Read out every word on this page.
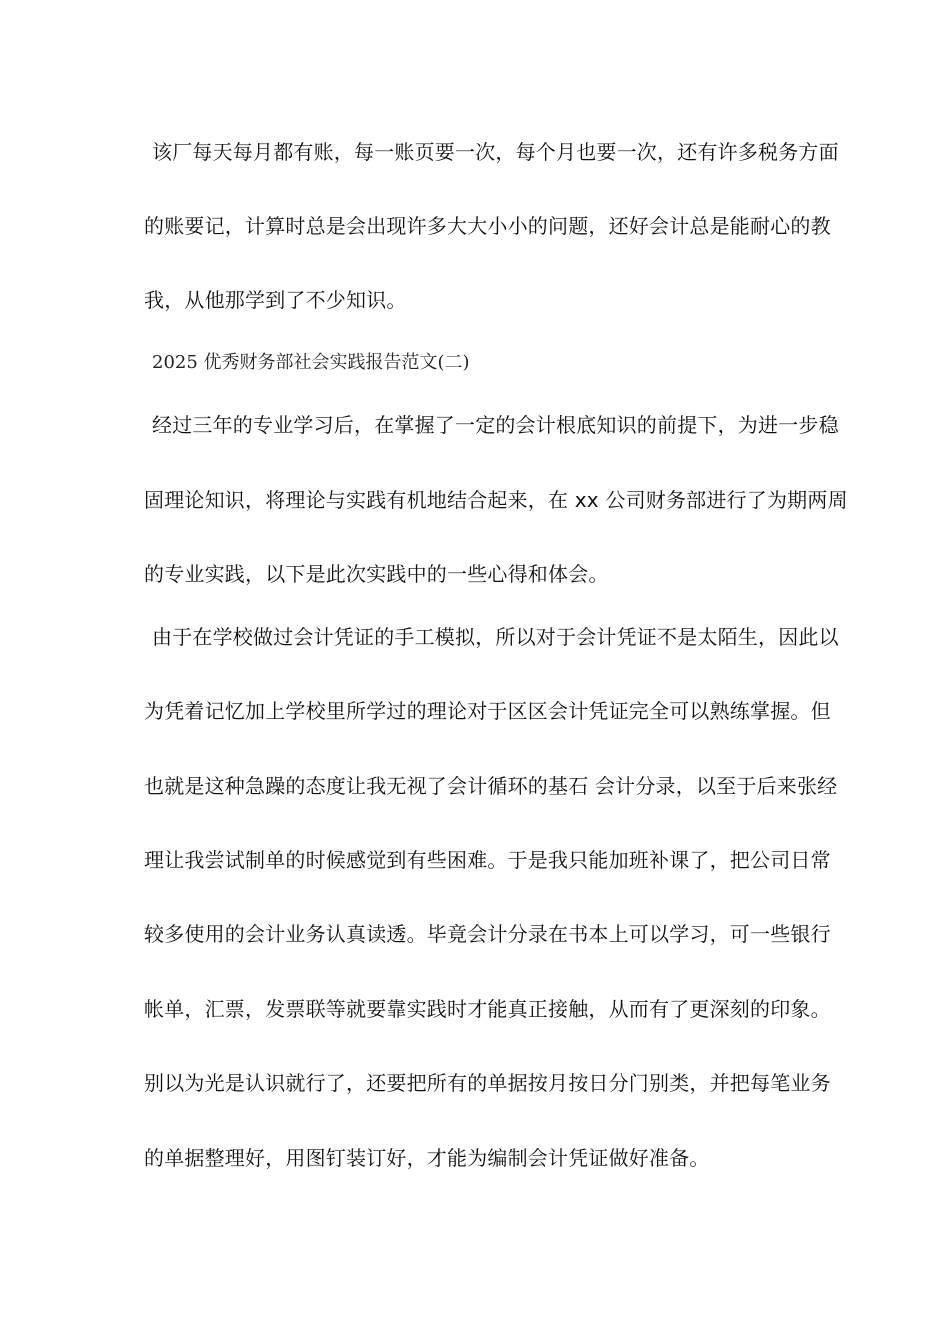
该厂每天每月都有账，每一账页要一次，每个月也要一次，还有许多税务方面
的账要记，计算时总是会出现许多大大小小的问题，还好会计总是能耐心的教
我，从他那学到了不少知识。
2025 优秀财务部社会实践报告范文(二)
经过三年的专业学习后，在掌握了一定的会计根底知识的前提下，为进一步稳
固理论知识，将理论与实践有机地结合起来，在 xx 公司财务部进行了为期两周
的专业实践，以下是此次实践中的一些心得和体会。
由于在学校做过会计凭证的手工模拟，所以对于会计凭证不是太陌生，因此以
为凭着记忆加上学校里所学过的理论对于区区会计凭证完全可以熟练掌握。但
也就是这种急躁的态度让我无视了会计循环的基石 会计分录，以至于后来张经
理让我尝试制单的时候感觉到有些困难。于是我只能加班补课了，把公司日常
较多使用的会计业务认真读透。毕竟会计分录在书本上可以学习，可一些银行
帐单，汇票，发票联等就要靠实践时才能真正接触，从而有了更深刻的印象。
别以为光是认识就行了，还要把所有的单据按月按日分门别类，并把每笔业务
的单据整理好，用图钉装订好，才能为编制会计凭证做好准备。
